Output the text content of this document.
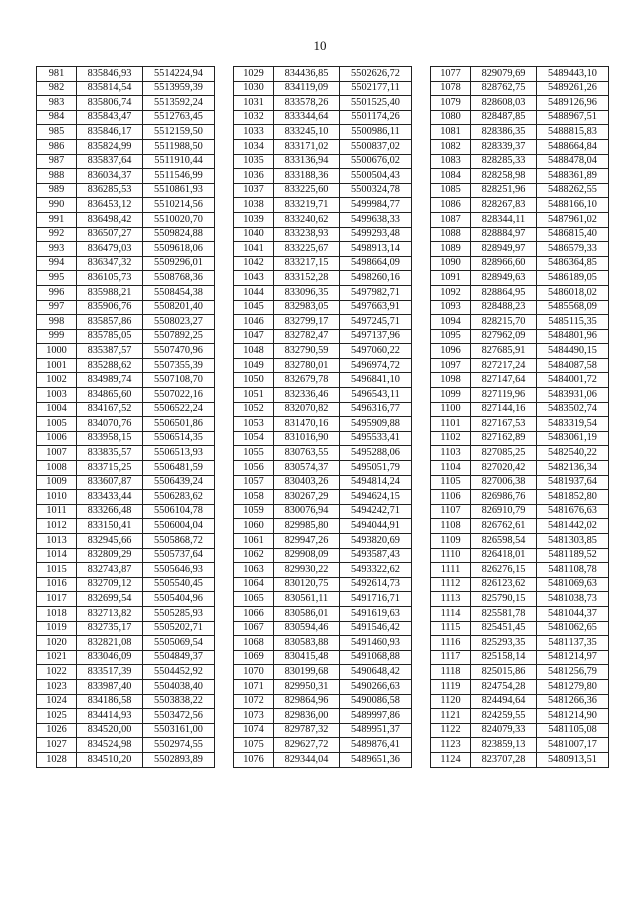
10
981	835846,93	5514224,94
982	835814,54	5513959,39
983	835806,74	5513592,24
984	835843,47	5512763,45
985	835846,17	5512159,50
986	835824,99	5511988,50
987	835837,64	5511910,44
988	836034,37	5511546,99
989	836285,53	5510861,93
990	836453,12	5510214,56
991	836498,42	5510020,70
992	836507,27	5509824,88
993	836479,03	5509618,06
994	836347,32	5509296,01
995	836105,73	5508768,36
996	835988,21	5508454,38
997	835906,76	5508201,40
998	835857,86	5508023,27
999	835785,05	5507892,25
1000	835387,57	5507470,96
1001	835288,62	5507355,39
1002	834989,74	5507108,70
1003	834865,60	5507022,16
1004	834167,52	5506522,24
1005	834070,76	5506501,86
1006	833958,15	5506514,35
1007	833835,57	5506513,93
1008	833715,25	5506481,59
1009	833607,87	5506439,24
1010	833433,44	5506283,62
1011	833266,48	5506104,78
1012	833150,41	5506004,04
1013	832945,66	5505868,72
1014	832809,29	5505737,64
1015	832743,87	5505646,93
1016	832709,12	5505540,45
1017	832699,54	5505404,96
1018	832713,82	5505285,93
1019	832735,17	5505202,71
1020	832821,08	5505069,54
1021	833046,09	5504849,37
1022	833517,39	5504452,92
1023	833987,40	5504038,40
1024	834186,58	5503838,22
1025	834414,93	5503472,56
1026	834520,00	5503161,00
1027	834524,98	5502974,55
1028	834510,20	5502893,89
1029	834436,85	5502626,72
1030	834119,09	5502177,11
1031	833578,26	5501525,40
1032	833344,64	5501174,26
1033	833245,10	5500986,11
1034	833171,02	5500837,02
1035	833136,94	5500676,02
1036	833188,36	5500504,43
1037	833225,60	5500324,78
1038	833219,71	5499984,77
1039	833240,62	5499638,33
1040	833238,93	5499293,48
1041	833225,67	5498913,14
1042	833217,15	5498664,09
1043	833152,28	5498260,16
1044	833096,35	5497982,71
1045	832983,05	5497663,91
1046	832799,17	5497245,71
1047	832782,47	5497137,96
1048	832790,59	5497060,22
1049	832780,01	5496974,72
1050	832679,78	5496841,10
1051	832336,46	5496543,11
1052	832070,82	5496316,77
1053	831470,16	5495909,88
1054	831016,90	5495533,41
1055	830763,55	5495288,06
1056	830574,37	5495051,79
1057	830403,26	5494814,24
1058	830267,29	5494624,15
1059	830076,94	5494242,71
1060	829985,80	5494044,91
1061	829947,26	5493820,69
1062	829908,09	5493587,43
1063	829930,22	5493322,62
1064	830120,75	5492614,73
1065	830561,11	5491716,71
1066	830586,01	5491619,63
1067	830594,46	5491546,42
1068	830583,88	5491460,93
1069	830415,48	5491068,88
1070	830199,68	5490648,42
1071	829950,31	5490266,63
1072	829864,96	5490086,58
1073	829836,00	5489997,86
1074	829787,32	5489951,37
1075	829627,72	5489876,41
1076	829344,04	5489651,36
1077	829079,69	5489443,10
1078	828762,75	5489261,26
1079	828608,03	5489126,96
1080	828487,85	5488967,51
1081	828386,35	5488815,83
1082	828339,37	5488664,84
1083	828285,33	5488478,04
1084	828258,98	5488361,89
1085	828251,96	5488262,55
1086	828267,83	5488166,10
1087	828344,11	5487961,02
1088	828884,97	5486815,40
1089	828949,97	5486579,33
1090	828966,60	5486364,85
1091	828949,63	5486189,05
1092	828864,95	5486018,02
1093	828488,23	5485568,09
1094	828215,70	5485115,35
1095	827962,09	5484801,96
1096	827685,91	5484490,15
1097	827217,24	5484087,58
1098	827147,64	5484001,72
1099	827119,96	5483931,06
1100	827144,16	5483502,74
1101	827167,53	5483319,54
1102	827162,89	5483061,19
1103	827085,25	5482540,22
1104	827020,42	5482136,34
1105	827006,38	5481937,64
1106	826986,76	5481852,80
1107	826910,79	5481676,63
1108	826762,61	5481442,02
1109	826598,54	5481303,85
1110	826418,01	5481189,52
1111	826276,15	5481108,78
1112	826123,62	5481069,63
1113	825790,15	5481038,73
1114	825581,78	5481044,37
1115	825451,45	5481062,65
1116	825293,35	5481137,35
1117	825158,14	5481214,97
1118	825015,86	5481256,79
1119	824754,28	5481279,80
1120	824494,64	5481266,36
1121	824259,55	5481214,90
1122	824079,33	5481105,08
1123	823859,13	5481007,17
1124	823707,28	5480913,51
